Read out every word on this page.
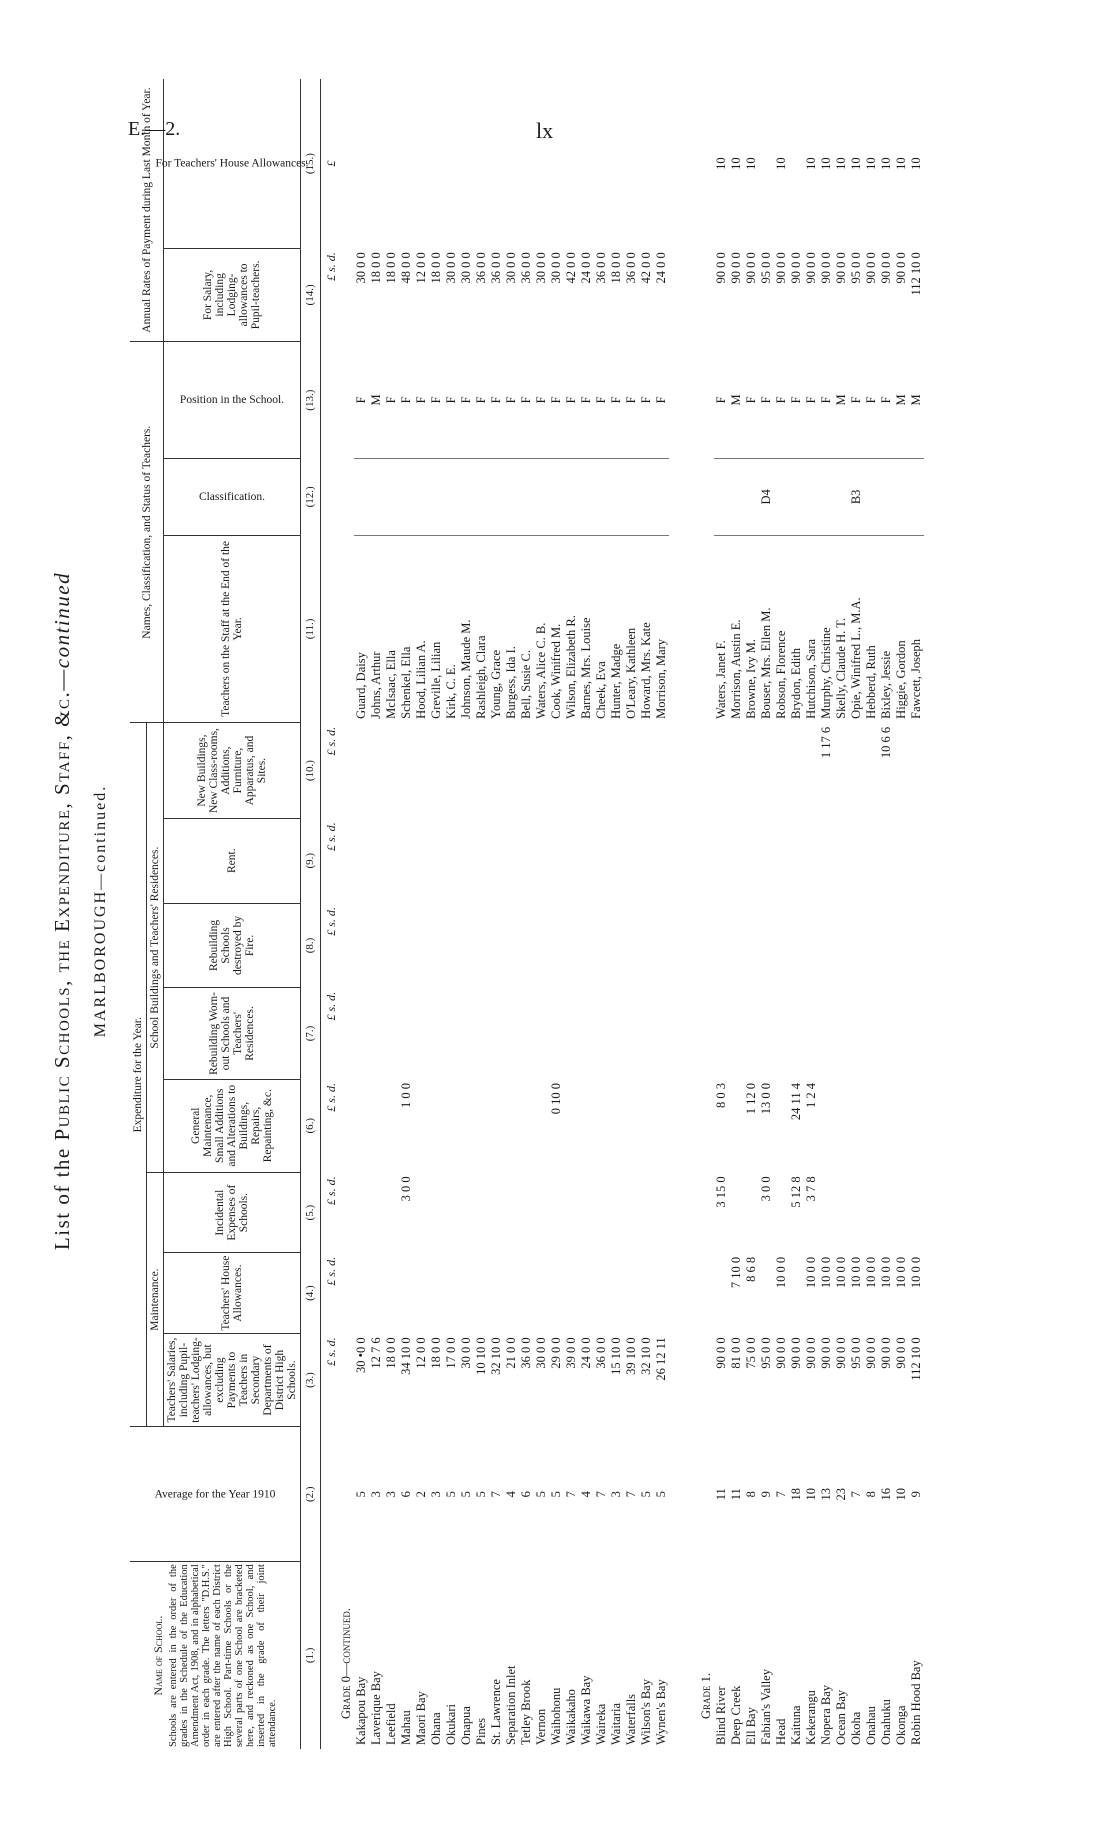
E.—2.	lx
List of the Public Schools, the Expenditure, Staff, &c.—continued
MARLBOROUGH—continued.
Name of School. Schools are entered in the order of the grades in the Schedule of the Education Amendment Act, 1908, and in alphabetical order in each grade. The letters "D.H.S." are entered after the name of each District High School. Part-time Schools or the several parts of one School are bracketed here, and reckoned as one School, and inserted in the grade of their joint attendance.	Average for the Year 1910	Expenditure for the Year.								Names, Classification, and Status of Teachers.			Annual Rates of Payment during Last Month of Year.	
		Maintenance.			School Buildings and Teachers' Residences.									
		Teachers' Salaries, including Pupil-teachers' Lodging-allowances, but excluding Payments to Teachers in Secondary Departments of District High Schools.	Teachers' House Allowances.	Incidental Expenses of Schools.	General Maintenance, Small Additions and Alterations to Buildings, Repairs, Repainting, &c.	Rebuilding Worn-out Schools and Teachers' Residences.	Rebuilding Schools destroyed by Fire.	Rent.	New Buildings, New Class-rooms, Additions, Furniture, Apparatus, and Sites.	Teachers on the Staff at the End of the Year.	Classification.	Position in the School.	For Salary, including Lodging-allowances to Pupil-teachers.	For Teachers' House Allowances.
(1.)	(2.)	(3.)	(4.)	(5.)	(6.)	(7.)	(8.)	(9.)	(10.)	(11.)	(12.)	(13.)	(14.)	(15.)
		£ s. d.	£ s. d.	£ s. d.	£ s. d.	£ s. d.	£ s. d.	£ s. d.	£ s. d.				£ s. d.	£
Grade 0—continued.														
Kakapou Bay	5	30 •0 0								Guard, Daisy		F	30 0 0	
Laverique Bay	3	12 7 6								Johns, Arthur		M	18 0 0	
Leefield	3	18 0 0								McIsaac, Ella		F	18 0 0	
Mahau	6	34 10 0		3 0 0	1 0 0					Schenkel, Ella		F	48 0 0	
Maori Bay	2	12 0 0								Hood, Lilian A.		F	12 0 0	
Ohana	3	18 0 0								Greville, Lilian		F	18 0 0	
Okukari	5	17 0 0								Kirk, C. E.		F	30 0 0	
Onapua	5	30 0 0								Johnson, Maude M.		F	30 0 0	
Pines	5	10 10 0								Rashleigh, Clara		F	36 0 0	
St. Lawrence	7	32 10 0								Young, Grace		F	36 0 0	
Separation Inlet	4	21 0 0								Burgess, Ida I.		F	30 0 0	
Tetley Brook	6	36 0 0								Bell, Susie C.		F	36 0 0	
Vernon	5	30 0 0								Waters, Alice C. B.		F	30 0 0	
Waihohonu	5	29 0 0			0 10 0					Cook, Winifred M.		F	30 0 0	
Waikakaho	7	39 0 0								Wilson, Elizabeth R.		F	42 0 0	
Waikawa Bay	4	24 0 0								Barnes, Mrs. Louise		F	24 0 0	
Waireka	7	36 0 0								Cheek, Eva		F	36 0 0	
Waitaria	3	15 10 0								Hunter, Madge		F	18 0 0	
Waterfalls	7	39 10 0								O'Leary, Kathleen		F	36 0 0	
Wilson's Bay	5	32 10 0								Howard, Mrs. Kate		F	42 0 0	
Wynen's Bay	5	26 12 11								Morrison, Mary		F	24 0 0	

Grade 1.														
Blind River	11	90 0 0		3 15 0	8 0 3					Waters, Janet F.		F	90 0 0	10
Deep Creek	11	81 0 0	7 10 0							Morrison, Austin E.		M	90 0 0	10
Ell Bay	8	75 0 0	8 6 8		1 12 0					Browne, Ivy M.		F	90 0 0	10
Fabian's Valley	9	95 0 0		3 0 0	13 0 0					Bouser, Mrs. Ellen M.	D4	F	95 0 0	
Head	7	90 0 0	10 0 0							Robson, Florence		F	90 0 0	10
Kaituna	18	90 0 0		5 12 8	24 11 4					Brydon, Edith		F	90 0 0	
Kekerangu	10	90 0 0	10 0 0	3 7 8	1 2 4					Hutchison, Sara		F	90 0 0	10
Nopera Bay	13	90 0 0	10 0 0						1 17 6	Murphy, Christine		F	90 0 0	10
Ocean Bay	23	90 0 0	10 0 0							Skelly, Claude H. T.		M	90 0 0	10
Okoha	7	95 0 0	10 0 0							Opie, Winifred L., M.A.	B3	F	95 0 0	10
Onahau	8	90 0 0	10 0 0							Hebberd, Ruth		F	90 0 0	10
Onahuku	16	90 0 0	10 0 0						10 6 6	Bixley, Jessie		F	90 0 0	10
Okonga	10	90 0 0	10 0 0							Higgie, Gordon		M	90 0 0	10
Robin Hood Bay	9	112 10 0	10 0 0							Fawcett, Joseph		M	112 10 0	10
